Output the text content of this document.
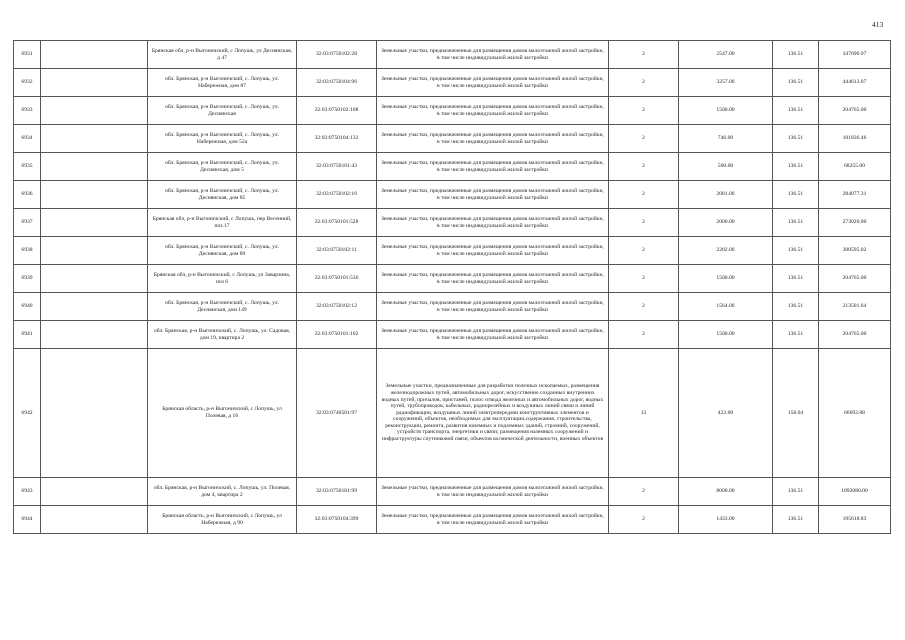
413
6931		Брянская обл, р-н Выгоничский, с Лопушь, ул Деснянская, д 47	32:03:0750102:28	Земельные участки, предназначенные для размещения домов малоэтажной жилой застройки, в том числе индивидуальной жилой застройки	2	2547.00	136.51	347690.97
6932		обл. Брянская, р-н Выгоничский, с. Лопушь, ул. Набережная, дом 87	32:03:0750104:96	Земельные участки, предназначенные для размещения домов малоэтажной жилой застройки, в том числе индивидуальной жилой застройки	2	3257.00	136.51	444613.07
6933		обл. Брянская, р-н Выгоничский, с. Лопушь, ул. Деснянская	32:03:0750102:108	Земельные участки, предназначенные для размещения домов малоэтажной жилой застройки, в том числе индивидуальной жилой застройки	2	1500.00	136.51	204765.00
6934		обл. Брянская, р-н Выгоничский, с. Лопушь, ул. Набережная, дом 52а	32:03:0750104:132	Земельные участки, предназначенные для размещения домов малоэтажной жилой застройки, в том числе индивидуальной жилой застройки	2	746.00	136.51	101836.46
6935		обл. Брянская, р-н Выгоничский, с. Лопушь, ул. Деснянская, дом 5	32:03:0750101:43	Земельные участки, предназначенные для размещения домов малоэтажной жилой застройки, в том числе индивидуальной жилой застройки	2	500.00	136.51	68255.00
6936		обл. Брянская, р-н Выгоничский, с. Лопушь, ул. Деснянская, дом 85	32:03:0750102:16	Земельные участки, предназначенные для размещения домов малоэтажной жилой застройки, в том числе индивидуальной жилой застройки	2	2081.00	136.51	284077.31
6937		Брянская обл, р-н Выгоничский, с Лопушь, пер Весенний, поз.17	32:03:0750101:528	Земельные участки, предназначенные для размещения домов малоэтажной жилой застройки, в том числе индивидуальной жилой застройки	2	2000.00	136.51	273020.00
6938		обл. Брянская, р-н Выгоничский, с. Лопушь, ул. Деснянская, дом 89	32:03:0750102:11	Земельные участки, предназначенные для размещения домов малоэтажной жилой застройки, в том числе индивидуальной жилой застройки	2	2202.00	136.51	300595.02
6939		Брянская обл, р-н Выгоничский, с Лопушь, ул Заварзина, поз 6	32:03:0750101:536	Земельные участки, предназначенные для размещения домов малоэтажной жилой застройки, в том числе индивидуальной жилой застройки	2	1500.00	136.51	204765.00
6940		обл. Брянская, р-н Выгоничский, с. Лопушь, ул. Деснянская, дом 149	32:03:0750102:12	Земельные участки, предназначенные для размещения домов малоэтажной жилой застройки, в том числе индивидуальной жилой застройки	2	1564.00	136.51	213501.64
6941		обл. Брянская, р-н Выгоничский, с. Лопушь, ул. Садовая, дом 19, квартира 2	32:03:0750101:102	Земельные участки, предназначенные для размещения домов малоэтажной жилой застройки, в том числе индивидуальной жилой застройки	2	1500.00	136.51	204765.00
6942		Брянская область, р-н Выгоничский, с Лопушь, ул Полевая, д 16	32:03:0740501:97	Земельные участки, предназначенные для разработки полезных ископаемых, размещения железнодорожных путей, автомобильных дорог, искусственно созданных внутренних водных путей, причалов, пристаней, полос отвода железных и автомобильных дорог, водных путей, трубопроводов, кабельных, радиорелейных и воздушных линий связи и линий радиофикации, воздушных линий электропередачи конструктивных элементов и сооружений, объектов, необходимых для эксплуатации,содержания, строительства, реконструкции, ремонта, развития наземных и подземных зданий, строений, сооружений, устройств транспорта, энергетики и связи; размещения наземных сооружений и инфраструктуры спутниковой связи, объектов космической деятельности, военных объектов	13	422.00	158.04	66692.88
6943		обл. Брянская, р-н Выгоничский, с. Лопушь, ул. Полевая, дом 4, квартира 2	32:03:0750101:99	Земельные участки, предназначенные для размещения домов малоэтажной жилой застройки, в том числе индивидуальной жилой застройки	2	8000.00	136.51	1092080.00
6944		Брянская область, р-н Выгоничский, с Лопушь, ул Набережная, д 90	32:03:0750104:399	Земельные участки, предназначенные для размещения домов малоэтажной жилой застройки, в том числе индивидуальной жилой застройки	2	1433.00	136.51	195618.83
